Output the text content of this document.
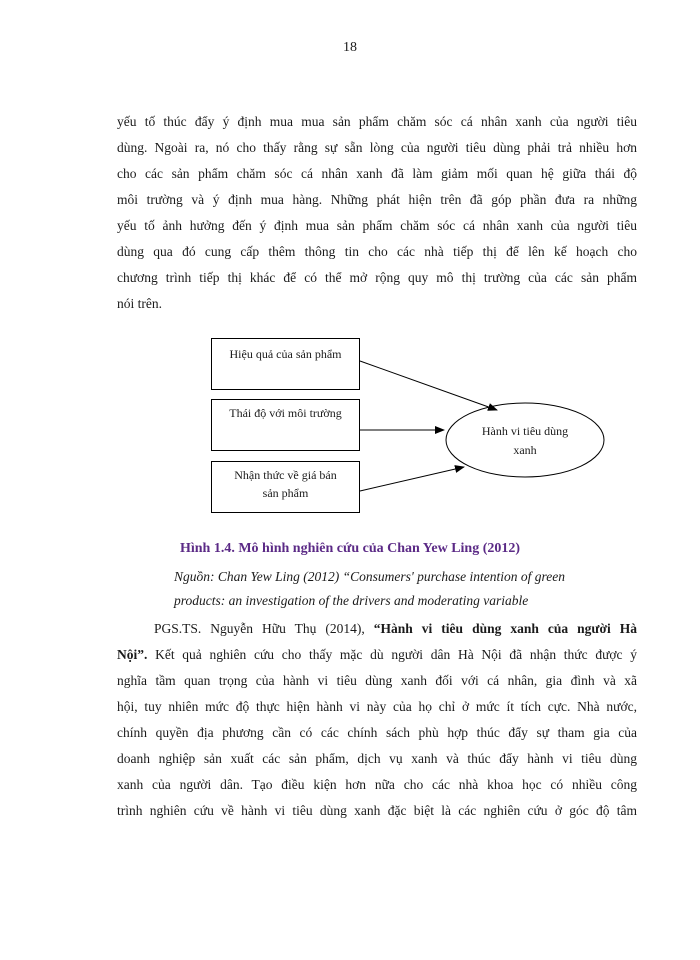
18
yếu tố thúc đẩy ý định mua mua sản phẩm chăm sóc cá nhân xanh của người tiêu
dùng. Ngoài ra, nó cho thấy rằng sự sẵn lòng của người tiêu dùng phải trả nhiều hơn
cho các sản phẩm chăm sóc cá nhân xanh đã làm giảm mối quan hệ giữa thái độ
môi trường và ý định mua hàng. Những phát hiện trên đã góp phần đưa ra những
yếu tố ảnh hưởng đến ý định mua sản phẩm chăm sóc cá nhân xanh của người tiêu
dùng qua đó cung cấp thêm thông tin cho các nhà tiếp thị để lên kế hoạch cho
chương trình tiếp thị khác để có thể mở rộng quy mô thị trường của các sản phẩm
nói trên.
Hiệu quả của sản phẩm
Thái độ với môi trường
Nhận thức về giá bán
sản phẩm
Hành vi tiêu dùng
xanh
Hình 1.4. Mô hình nghiên cứu của Chan Yew Ling (2012)
Nguồn: Chan Yew Ling (2012) “Consumers' purchase intention of green
products: an investigation of the drivers and moderating variable
PGS.TS. Nguyễn Hữu Thụ (2014), “Hành vi tiêu dùng xanh của người Hà
Nội”. Kết quả nghiên cứu cho thấy mặc dù người dân Hà Nội đã nhận thức được ý
nghĩa tầm quan trọng của hành vi tiêu dùng xanh đối với cá nhân, gia đình và xã
hội, tuy nhiên mức độ thực hiện hành vi này của họ chỉ ở mức ít tích cực. Nhà nước,
chính quyền địa phương cần có các chính sách phù hợp thúc đẩy sự tham gia của
doanh nghiệp sản xuất các sản phẩm, dịch vụ xanh và thúc đẩy hành vi tiêu dùng
xanh của người dân. Tạo điều kiện hơn nữa cho các nhà khoa học có nhiều công
trình nghiên cứu về hành vi tiêu dùng xanh đặc biệt là các nghiên cứu ở góc độ tâm
